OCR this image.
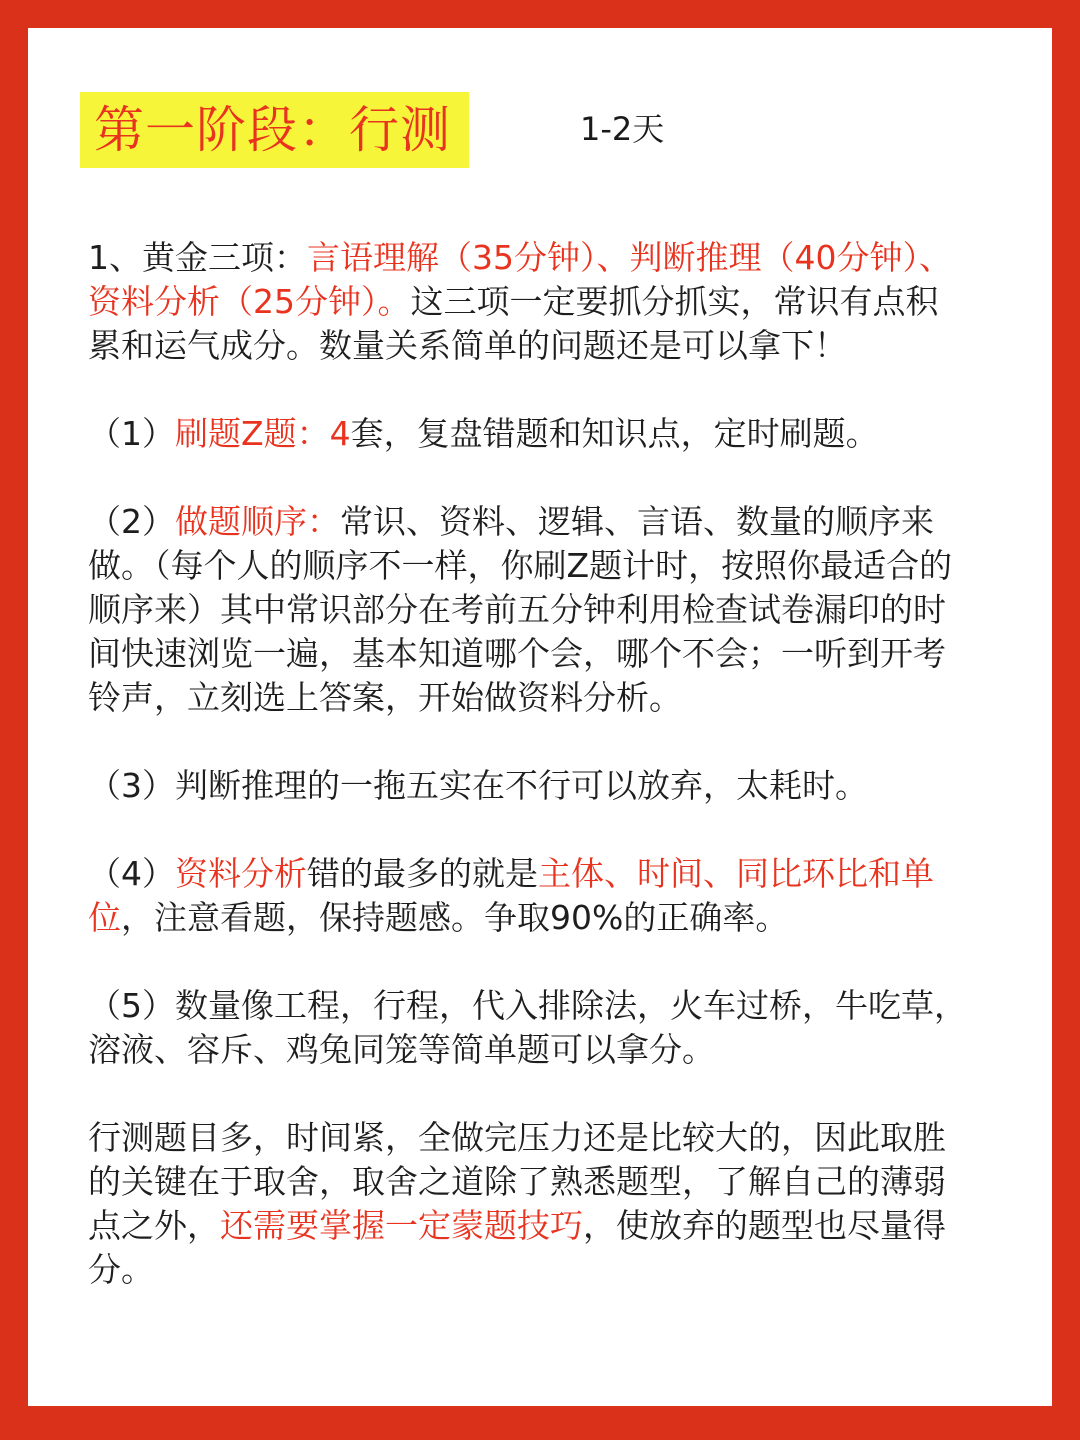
第一阶段：行测	1-2天

1、黄金三项：言语理解（35分钟）、判断推理（40分钟）、资料分析（25分钟）。这三项一定要抓分抓实，常识有点积累和运气成分。数量关系简单的问题还是可以拿下！

（1）刷题Z题：4套，复盘错题和知识点，定时刷题。

（2）做题顺序：常识、资料、逻辑、言语、数量的顺序来做。（每个人的顺序不一样，你刷Z题计时，按照你最适合的顺序来）其中常识部分在考前五分钟利用检查试卷漏印的时间快速浏览一遍，基本知道哪个会，哪个不会；一听到开考铃声，立刻选上答案，开始做资料分析。

（3）判断推理的一拖五实在不行可以放弃，太耗时。

（4）资料分析错的最多的就是主体、时间、同比环比和单位，注意看题，保持题感。争取90%的正确率。

（5）数量像工程，行程，代入排除法，火车过桥，牛吃草，溶液、容斥、鸡兔同笼等简单题可以拿分。

行测题目多，时间紧，全做完压力还是比较大的，因此取胜的关键在于取舍，取舍之道除了熟悉题型，了解自己的薄弱点之外，还需要掌握一定蒙题技巧，使放弃的题型也尽量得分。
